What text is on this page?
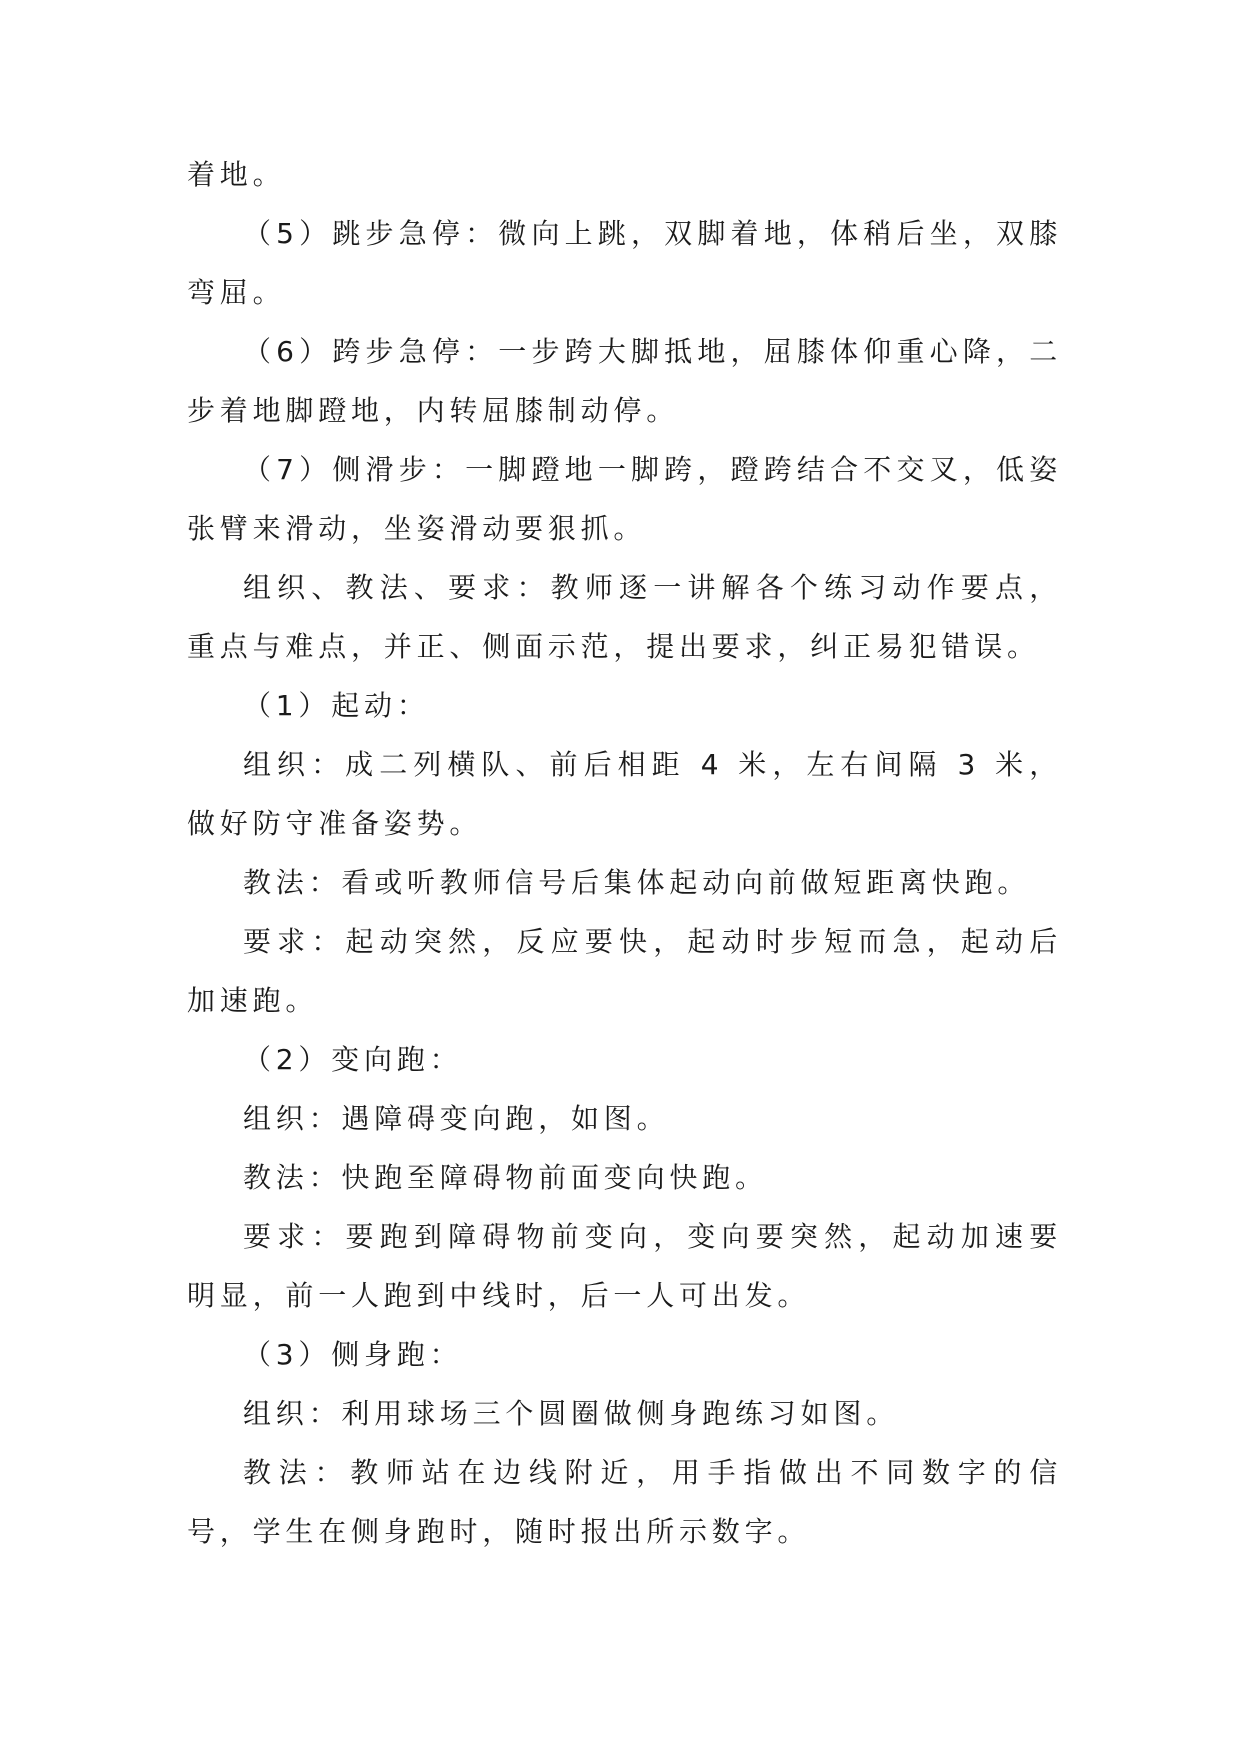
着地。

（5）跳步急停：微向上跳，双脚着地，体稍后坐，双膝弯屈。

（6）跨步急停：一步跨大脚抵地，屈膝体仰重心降，二步着地脚蹬地，内转屈膝制动停。

（7）侧滑步：一脚蹬地一脚跨，蹬跨结合不交叉，低姿张臂来滑动，坐姿滑动要狠抓。

组织、教法、要求：教师逐一讲解各个练习动作要点，重点与难点，并正、侧面示范，提出要求，纠正易犯错误。

（1）起动：

组织：成二列横队、前后相距 4 米，左右间隔 3 米，做好防守准备姿势。

教法：看或听教师信号后集体起动向前做短距离快跑。

要求：起动突然，反应要快，起动时步短而急，起动后加速跑。

（2）变向跑：

组织：遇障碍变向跑，如图。

教法：快跑至障碍物前面变向快跑。

要求：要跑到障碍物前变向，变向要突然，起动加速要明显，前一人跑到中线时，后一人可出发。

（3）侧身跑：

组织：利用球场三个圆圈做侧身跑练习如图。

教法：教师站在边线附近，用手指做出不同数字的信号，学生在侧身跑时，随时报出所示数字。
